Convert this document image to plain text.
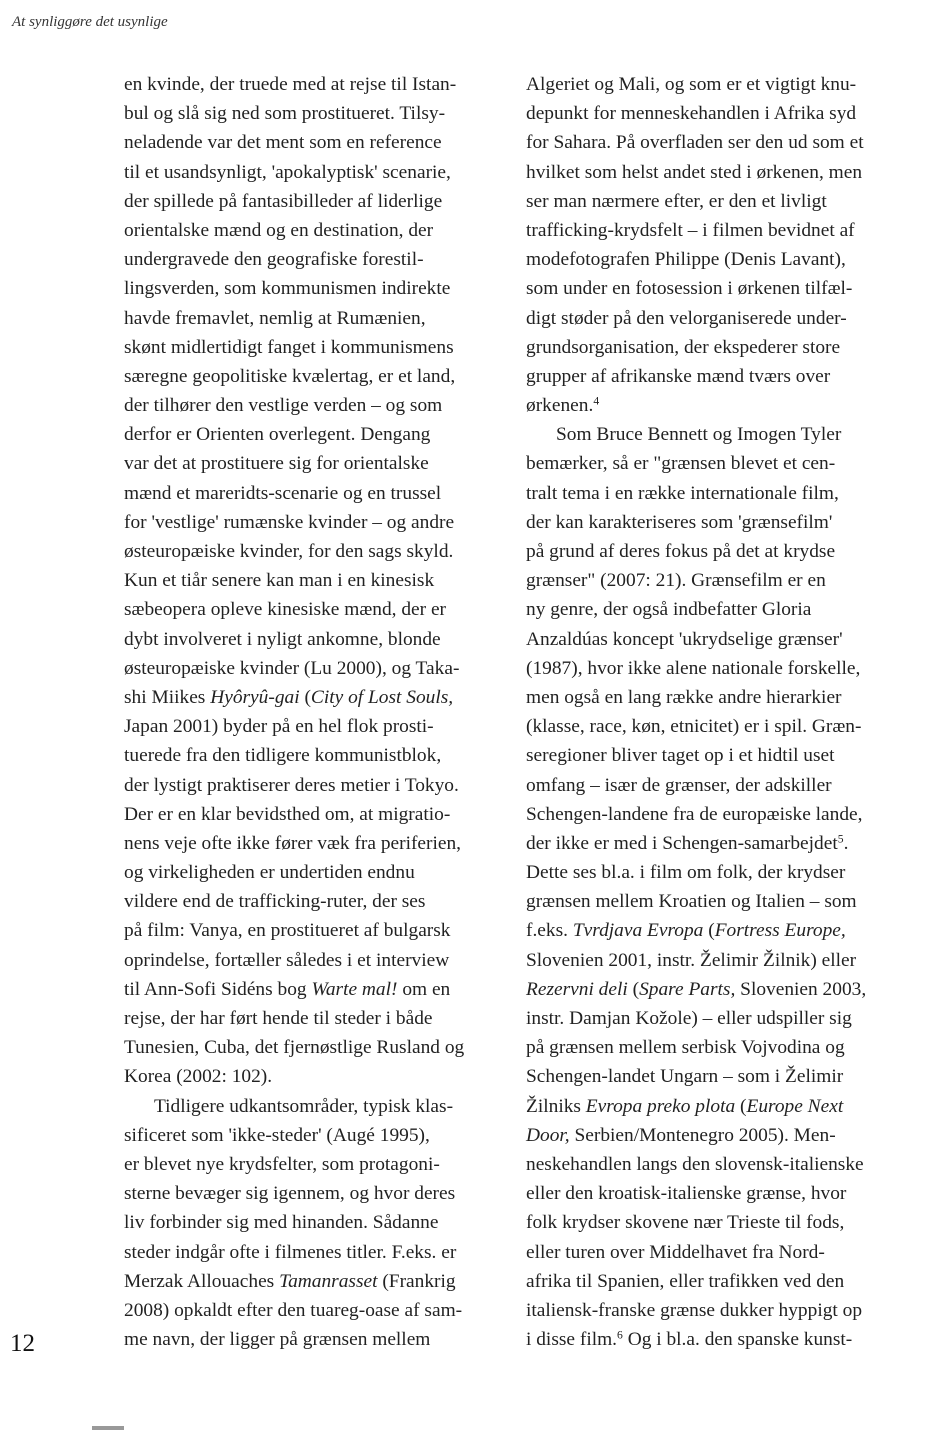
At synliggøre det usynlige
en kvinde, der truede med at rejse til Istan-
bul og slå sig ned som prostitueret. Tilsy-
neladende var det ment som en reference
til et usandsynligt, 'apokalyptisk' scenarie,
der spillede på fantasibilleder af liderlige
orientalske mænd og en destination, der
undergravede den geografiske forestil-
lingsverden, som kommunismen indirekte
havde fremavlet, nemlig at Rumænien,
skønt midlertidigt fanget i kommunismens
særegne geopolitiske kvælertag, er et land,
der tilhører den vestlige verden – og som
derfor er Orienten overlegent. Dengang
var det at prostituere sig for orientalske
mænd et mareridts-scenarie og en trussel
for 'vestlige' rumænske kvinder – og andre
østeuropæiske kvinder, for den sags skyld.
Kun et tiår senere kan man i en kinesisk
sæbeopera opleve kinesiske mænd, der er
dybt involveret i nyligt ankomne, blonde
østeuropæiske kvinder (Lu 2000), og Taka-
shi Miikes Hyôryû-gai (City of Lost Souls,
Japan 2001) byder på en hel flok prosti-
tuerede fra den tidligere kommunistblok,
der lystigt praktiserer deres metier i Tokyo.
Der er en klar bevidsthed om, at migratio-
nens veje ofte ikke fører væk fra periferien,
og virkeligheden er undertiden endnu
vildere end de trafficking-ruter, der ses
på film: Vanya, en prostitueret af bulgarsk
oprindelse, fortæller således i et interview
til Ann-Sofi Sidéns bog Warte mal! om en
rejse, der har ført hende til steder i både
Tunesien, Cuba, det fjernøstlige Rusland og
Korea (2002: 102).
Tidligere udkantsområder, typisk klas-
sificeret som 'ikke-steder' (Augé 1995),
er blevet nye krydsfelter, som protagoni-
sterne bevæger sig igennem, og hvor deres
liv forbinder sig med hinanden. Sådanne
steder indgår ofte i filmenes titler. F.eks. er
Merzak Allouaches Tamanrasset (Frankrig
2008) opkaldt efter den tuareg-oase af sam-
me navn, der ligger på grænsen mellem
Algeriet og Mali, og som er et vigtigt knu-
depunkt for menneskehandlen i Afrika syd
for Sahara. På overfladen ser den ud som et
hvilket som helst andet sted i ørkenen, men
ser man nærmere efter, er den et livligt
trafficking-krydsfelt – i filmen bevidnet af
modefotografen Philippe (Denis Lavant),
som under en fotosession i ørkenen tilfæl-
digt støder på den velorganiserede under-
grundsorganisation, der ekspederer store
grupper af afrikanske mænd tværs over
ørkenen.$^4$
Som Bruce Bennett og Imogen Tyler
bemærker, så er "grænsen blevet et cen-
tralt tema i en række internationale film,
der kan karakteriseres som 'grænsefilm'
på grund af deres fokus på det at krydse
grænser" (2007: 21). Grænsefilm er en
ny genre, der også indbefatter Gloria
Anzaldúas koncept 'ukrydselige grænser'
(1987), hvor ikke alene nationale forskelle,
men også en lang række andre hierarkier
(klasse, race, køn, etnicitet) er i spil. Græn-
seregioner bliver taget op i et hidtil uset
omfang – især de grænser, der adskiller
Schengen-landene fra de europæiske lande,
der ikke er med i Schengen-samarbejdet$^5$.
Dette ses bl.a. i film om folk, der krydser
grænsen mellem Kroatien og Italien – som
f.eks. Tvrdjava Evropa (Fortress Europe,
Slovenien 2001, instr. Želimir Žilnik) eller
Rezervni deli (Spare Parts, Slovenien 2003,
instr. Damjan Kožole) – eller udspiller sig
på grænsen mellem serbisk Vojvodina og
Schengen-landet Ungarn – som i Želimir
Žilniks Evropa preko plota (Europe Next
Door, Serbien/Montenegro 2005). Men-
neskehandlen langs den slovensk-italienske
eller den kroatisk-italienske grænse, hvor
folk krydser skovene nær Trieste til fods,
eller turen over Middelhavet fra Nord-
afrika til Spanien, eller trafikken ved den
italiensk-franske grænse dukker hyppigt op
i disse film.$^6$ Og i bl.a. den spanske kunst-
12
